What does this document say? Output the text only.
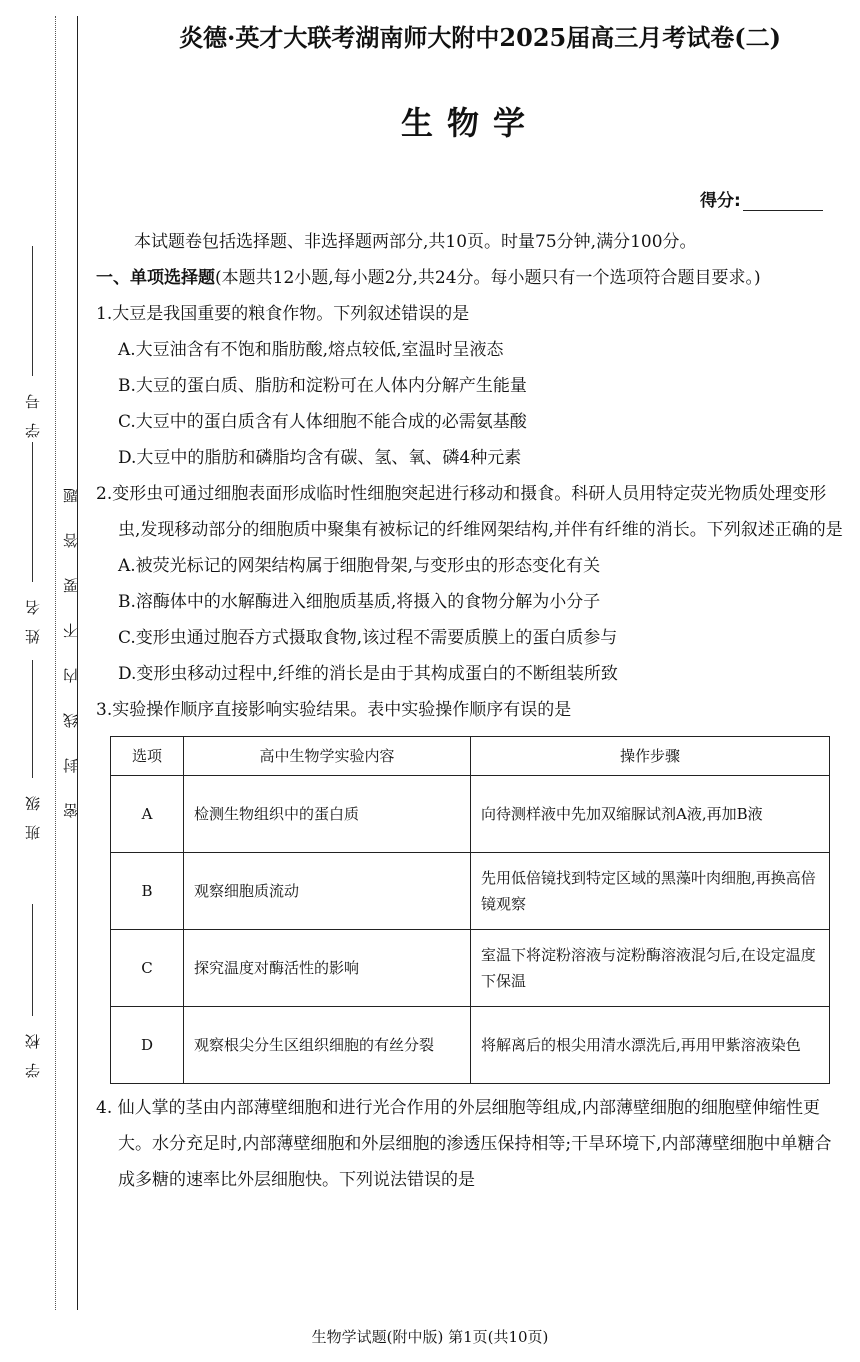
学号
姓名
班级
学校
密封线内不要答题
炎德·英才大联考湖南师大附中2025届高三月考试卷(二)
生物学
得分:

本试题卷包括选择题、非选择题两部分,共10页。时量75分钟,满分100分。

一、单项选择题(本题共12小题,每小题2分,共24分。每小题只有一个选项符合题目要求。)

1.大豆是我国重要的粮食作物。下列叙述错误的是

A.大豆油含有不饱和脂肪酸,熔点较低,室温时呈液态

B.大豆的蛋白质、脂肪和淀粉可在人体内分解产生能量

C.大豆中的蛋白质含有人体细胞不能合成的必需氨基酸

D.大豆中的脂肪和磷脂均含有碳、氢、氧、磷4种元素

2.变形虫可通过细胞表面形成临时性细胞突起进行移动和摄食。科研人员用特定荧光物质处理变形虫,发现移动部分的细胞质中聚集有被标记的纤维网架结构,并伴有纤维的消长。下列叙述正确的是

A.被荧光标记的网架结构属于细胞骨架,与变形虫的形态变化有关

B.溶酶体中的水解酶进入细胞质基质,将摄入的食物分解为小分子

C.变形虫通过胞吞方式摄取食物,该过程不需要质膜上的蛋白质参与

D.变形虫移动过程中,纤维的消长是由于其构成蛋白的不断组装所致

3.实验操作顺序直接影响实验结果。表中实验操作顺序有误的是

选项	高中生物学实验内容	操作步骤
A	检测生物组织中的蛋白质	向待测样液中先加双缩脲试剂A液,再加B液
B	观察细胞质流动	先用低倍镜找到特定区域的黑藻叶肉细胞,再换高倍镜观察
C	探究温度对酶活性的影响	室温下将淀粉溶液与淀粉酶溶液混匀后,在设定温度下保温
D	观察根尖分生区组织细胞的有丝分裂	将解离后的根尖用清水漂洗后,再用甲紫溶液染色

4. 仙人掌的茎由内部薄壁细胞和进行光合作用的外层细胞等组成,内部薄壁细胞的细胞壁伸缩性更大。水分充足时,内部薄壁细胞和外层细胞的渗透压保持相等;干旱环境下,内部薄壁细胞中单糖合成多糖的速率比外层细胞快。下列说法错误的是

生物学试题(附中版) 第1页(共10页)
